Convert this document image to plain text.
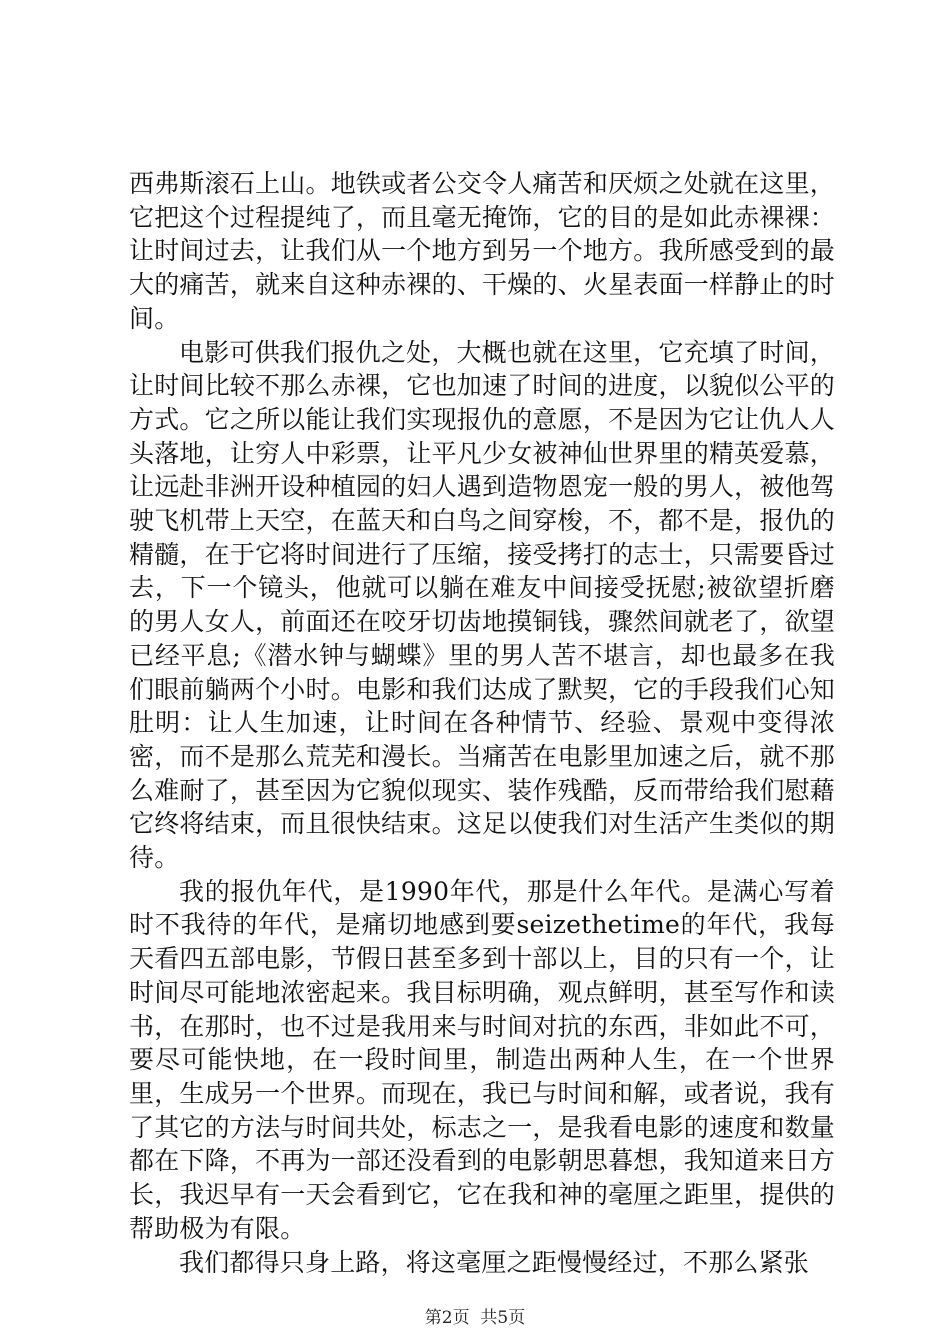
西弗斯滚石上山。地铁或者公交令人痛苦和厌烦之处就在这里，它把这个过程提纯了，而且毫无掩饰，它的目的是如此赤裸裸：让时间过去，让我们从一个地方到另一个地方。我所感受到的最大的痛苦，就来自这种赤裸的、干燥的、火星表面一样静止的时间。

电影可供我们报仇之处，大概也就在这里，它充填了时间，让时间比较不那么赤裸，它也加速了时间的进度，以貌似公平的方式。它之所以能让我们实现报仇的意愿，不是因为它让仇人人头落地，让穷人中彩票，让平凡少女被神仙世界里的精英爱慕，让远赴非洲开设种植园的妇人遇到造物恩宠一般的男人，被他驾驶飞机带上天空，在蓝天和白鸟之间穿梭，不，都不是，报仇的精髓，在于它将时间进行了压缩，接受拷打的志士，只需要昏过去，下一个镜头，他就可以躺在难友中间接受抚慰;被欲望折磨的男人女人，前面还在咬牙切齿地摸铜钱，骤然间就老了，欲望已经平息;《潜水钟与蝴蝶》里的男人苦不堪言，却也最多在我们眼前躺两个小时。电影和我们达成了默契，它的手段我们心知肚明：让人生加速，让时间在各种情节、经验、景观中变得浓密，而不是那么荒芜和漫长。当痛苦在电影里加速之后，就不那么难耐了，甚至因为它貌似现实、装作残酷，反而带给我们慰藉它终将结束，而且很快结束。这足以使我们对生活产生类似的期待。

我的报仇年代，是1990年代，那是什么年代。是满心写着时不我待的年代，是痛切地感到要seizethetime的年代，我每天看四五部电影，节假日甚至多到十部以上，目的只有一个，让时间尽可能地浓密起来。我目标明确，观点鲜明，甚至写作和读书，在那时，也不过是我用来与时间对抗的东西，非如此不可，要尽可能快地，在一段时间里，制造出两种人生，在一个世界里，生成另一个世界。而现在，我已与时间和解，或者说，我有了其它的方法与时间共处，标志之一，是我看电影的速度和数量都在下降，不再为一部还没看到的电影朝思暮想，我知道来日方长，我迟早有一天会看到它，它在我和神的毫厘之距里，提供的帮助极为有限。

我们都得只身上路，将这毫厘之距慢慢经过，不那么紧张

第2页  共5页
